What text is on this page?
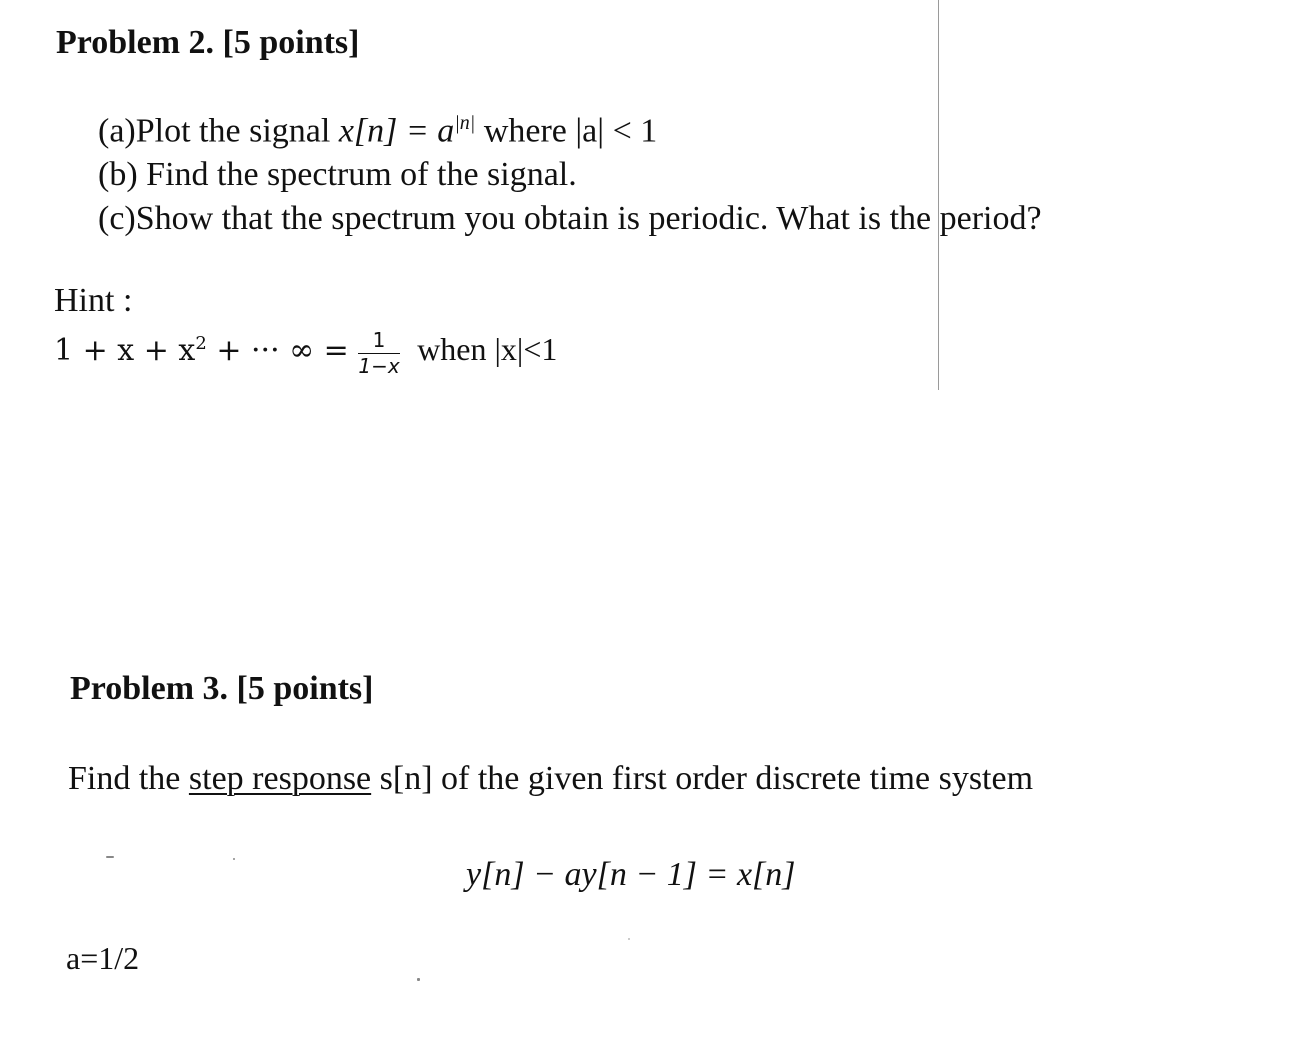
Problem 2. [5 points]
(a)Plot the signal $x[n] = a^{|n|}$ where |a| < 1
(b) Find the spectrum of the signal.
(c)Show that the spectrum you obtain is periodic. What is the period?
Hint :
$1 + x + x^2$ + ··· ∞ = $\frac{1}{1-x}$ when |x|<1
Problem 3. [5 points]
Find the step response s[n] of the given first order discrete time system
y[n] − ay[n − 1] = x[n]
a=1/2
